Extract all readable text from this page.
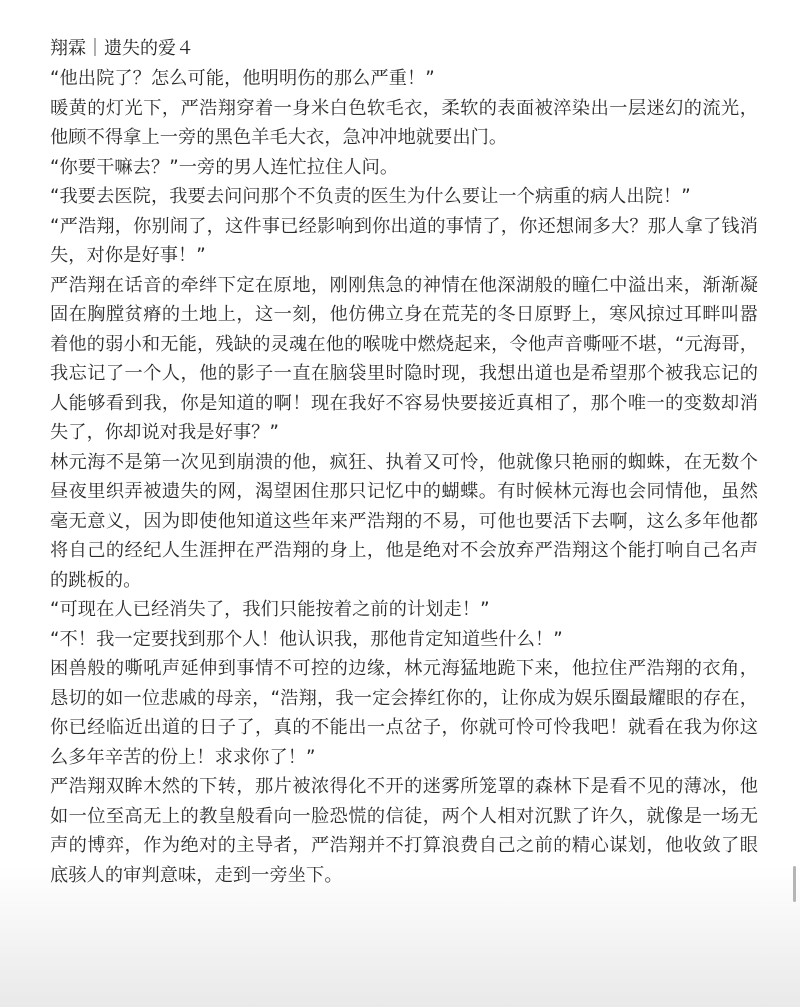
翔霖｜遗失的爱４

“他出院了？怎么可能，他明明伤的那么严重！”

暖黄的灯光下，严浩翔穿着一身米白色软毛衣，柔软的表面被淬染出一层迷幻的流光，他顾不得拿上一旁的黑色羊毛大衣，急冲冲地就要出门。

“你要干嘛去？”一旁的男人连忙拉住人问。

“我要去医院，我要去问问那个不负责的医生为什么要让一个病重的病人出院！”

“严浩翔，你别闹了，这件事已经影响到你出道的事情了，你还想闹多大？那人拿了钱消失，对你是好事！”

严浩翔在话音的牵绊下定在原地，刚刚焦急的神情在他深湖般的瞳仁中溢出来，渐渐凝固在胸膛贫瘠的土地上，这一刻，他仿佛立身在荒芜的冬日原野上，寒风掠过耳畔叫嚣着他的弱小和无能，残缺的灵魂在他的喉咙中燃烧起来，令他声音嘶哑不堪，“元海哥，我忘记了一个人，他的影子一直在脑袋里时隐时现，我想出道也是希望那个被我忘记的人能够看到我，你是知道的啊！现在我好不容易快要接近真相了，那个唯一的变数却消失了，你却说对我是好事？”

林元海不是第一次见到崩溃的他，疯狂、执着又可怜，他就像只艳丽的蜘蛛，在无数个昼夜里织弄被遗失的网，渴望困住那只记忆中的蝴蝶。有时候林元海也会同情他，虽然毫无意义，因为即使他知道这些年来严浩翔的不易，可他也要活下去啊，这么多年他都将自己的经纪人生涯押在严浩翔的身上，他是绝对不会放弃严浩翔这个能打响自己名声的跳板的。

“可现在人已经消失了，我们只能按着之前的计划走！”

“不！我一定要找到那个人！他认识我，那他肯定知道些什么！”

困兽般的嘶吼声延伸到事情不可控的边缘，林元海猛地跪下来，他拉住严浩翔的衣角，恳切的如一位悲戚的母亲，“浩翔，我一定会捧红你的，让你成为娱乐圈最耀眼的存在，你已经临近出道的日子了，真的不能出一点岔子，你就可怜可怜我吧！就看在我为你这么多年辛苦的份上！求求你了！”

严浩翔双眸木然的下转，那片被浓得化不开的迷雾所笼罩的森林下是看不见的薄冰，他如一位至高无上的教皇般看向一脸恐慌的信徒，两个人相对沉默了许久，就像是一场无声的博弈，作为绝对的主导者，严浩翔并不打算浪费自己之前的精心谋划，他收敛了眼底骇人的审判意味，走到一旁坐下。
